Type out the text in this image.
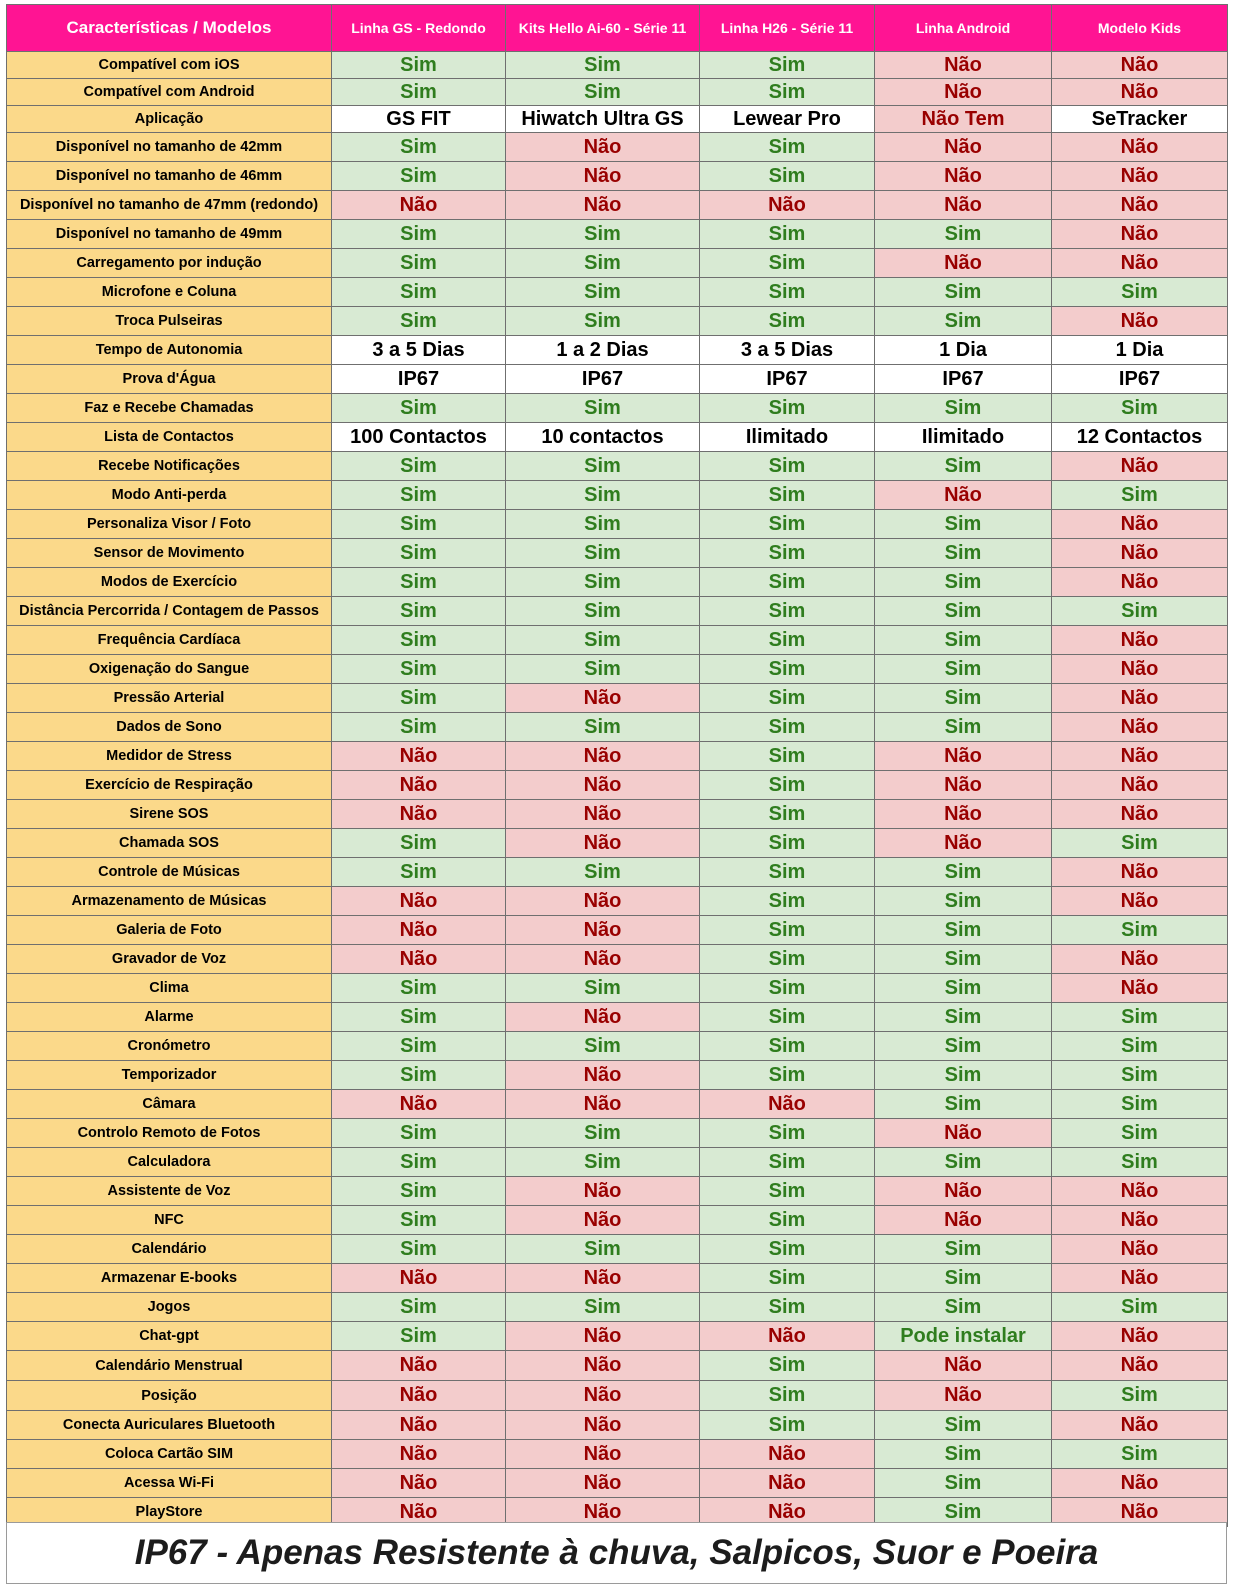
Características / Modelos	Linha GS - Redondo	Kits Hello Ai-60 - Série 11	Linha H26 - Série 11	Linha Android	Modelo Kids
Compatível com iOS	Sim	Sim	Sim	Não	Não
Compatível com Android	Sim	Sim	Sim	Não	Não
Aplicação	GS FIT	Hiwatch Ultra GS	Lewear Pro	Não Tem	SeTracker
Disponível no tamanho de 42mm	Sim	Não	Sim	Não	Não
Disponível no tamanho de 46mm	Sim	Não	Sim	Não	Não
Disponível no tamanho de 47mm (redondo)	Não	Não	Não	Não	Não
Disponível no tamanho de 49mm	Sim	Sim	Sim	Sim	Não
Carregamento por indução	Sim	Sim	Sim	Não	Não
Microfone e Coluna	Sim	Sim	Sim	Sim	Sim
Troca Pulseiras	Sim	Sim	Sim	Sim	Não
Tempo de Autonomia	3 a 5 Dias	1 a 2 Dias	3 a 5 Dias	1 Dia	1 Dia
Prova d'Água	IP67	IP67	IP67	IP67	IP67
Faz e Recebe Chamadas	Sim	Sim	Sim	Sim	Sim
Lista de Contactos	100 Contactos	10 contactos	Ilimitado	Ilimitado	12 Contactos
Recebe Notificações	Sim	Sim	Sim	Sim	Não
Modo Anti-perda	Sim	Sim	Sim	Não	Sim
Personaliza Visor / Foto	Sim	Sim	Sim	Sim	Não
Sensor de Movimento	Sim	Sim	Sim	Sim	Não
Modos de Exercício	Sim	Sim	Sim	Sim	Não
Distância Percorrida / Contagem de Passos	Sim	Sim	Sim	Sim	Sim
Frequência Cardíaca	Sim	Sim	Sim	Sim	Não
Oxigenação do Sangue	Sim	Sim	Sim	Sim	Não
Pressão Arterial	Sim	Não	Sim	Sim	Não
Dados de Sono	Sim	Sim	Sim	Sim	Não
Medidor de Stress	Não	Não	Sim	Não	Não
Exercício de Respiração	Não	Não	Sim	Não	Não
Sirene SOS	Não	Não	Sim	Não	Não
Chamada SOS	Sim	Não	Sim	Não	Sim
Controle de Músicas	Sim	Sim	Sim	Sim	Não
Armazenamento de Músicas	Não	Não	Sim	Sim	Não
Galeria de Foto	Não	Não	Sim	Sim	Sim
Gravador de Voz	Não	Não	Sim	Sim	Não
Clima	Sim	Sim	Sim	Sim	Não
Alarme	Sim	Não	Sim	Sim	Sim
Cronómetro	Sim	Sim	Sim	Sim	Sim
Temporizador	Sim	Não	Sim	Sim	Sim
Câmara	Não	Não	Não	Sim	Sim
Controlo Remoto de Fotos	Sim	Sim	Sim	Não	Sim
Calculadora	Sim	Sim	Sim	Sim	Sim
Assistente de Voz	Sim	Não	Sim	Não	Não
NFC	Sim	Não	Sim	Não	Não
Calendário	Sim	Sim	Sim	Sim	Não
Armazenar E-books	Não	Não	Sim	Sim	Não
Jogos	Sim	Sim	Sim	Sim	Sim
Chat-gpt	Sim	Não	Não	Pode instalar	Não
Calendário Menstrual	Não	Não	Sim	Não	Não
Posição	Não	Não	Sim	Não	Sim
Conecta Auriculares Bluetooth	Não	Não	Sim	Sim	Não
Coloca Cartão SIM	Não	Não	Não	Sim	Sim
Acessa Wi-Fi	Não	Não	Não	Sim	Não
PlayStore	Não	Não	Não	Sim	Não
IP67 - Apenas Resistente à chuva, Salpicos, Suor e Poeira
